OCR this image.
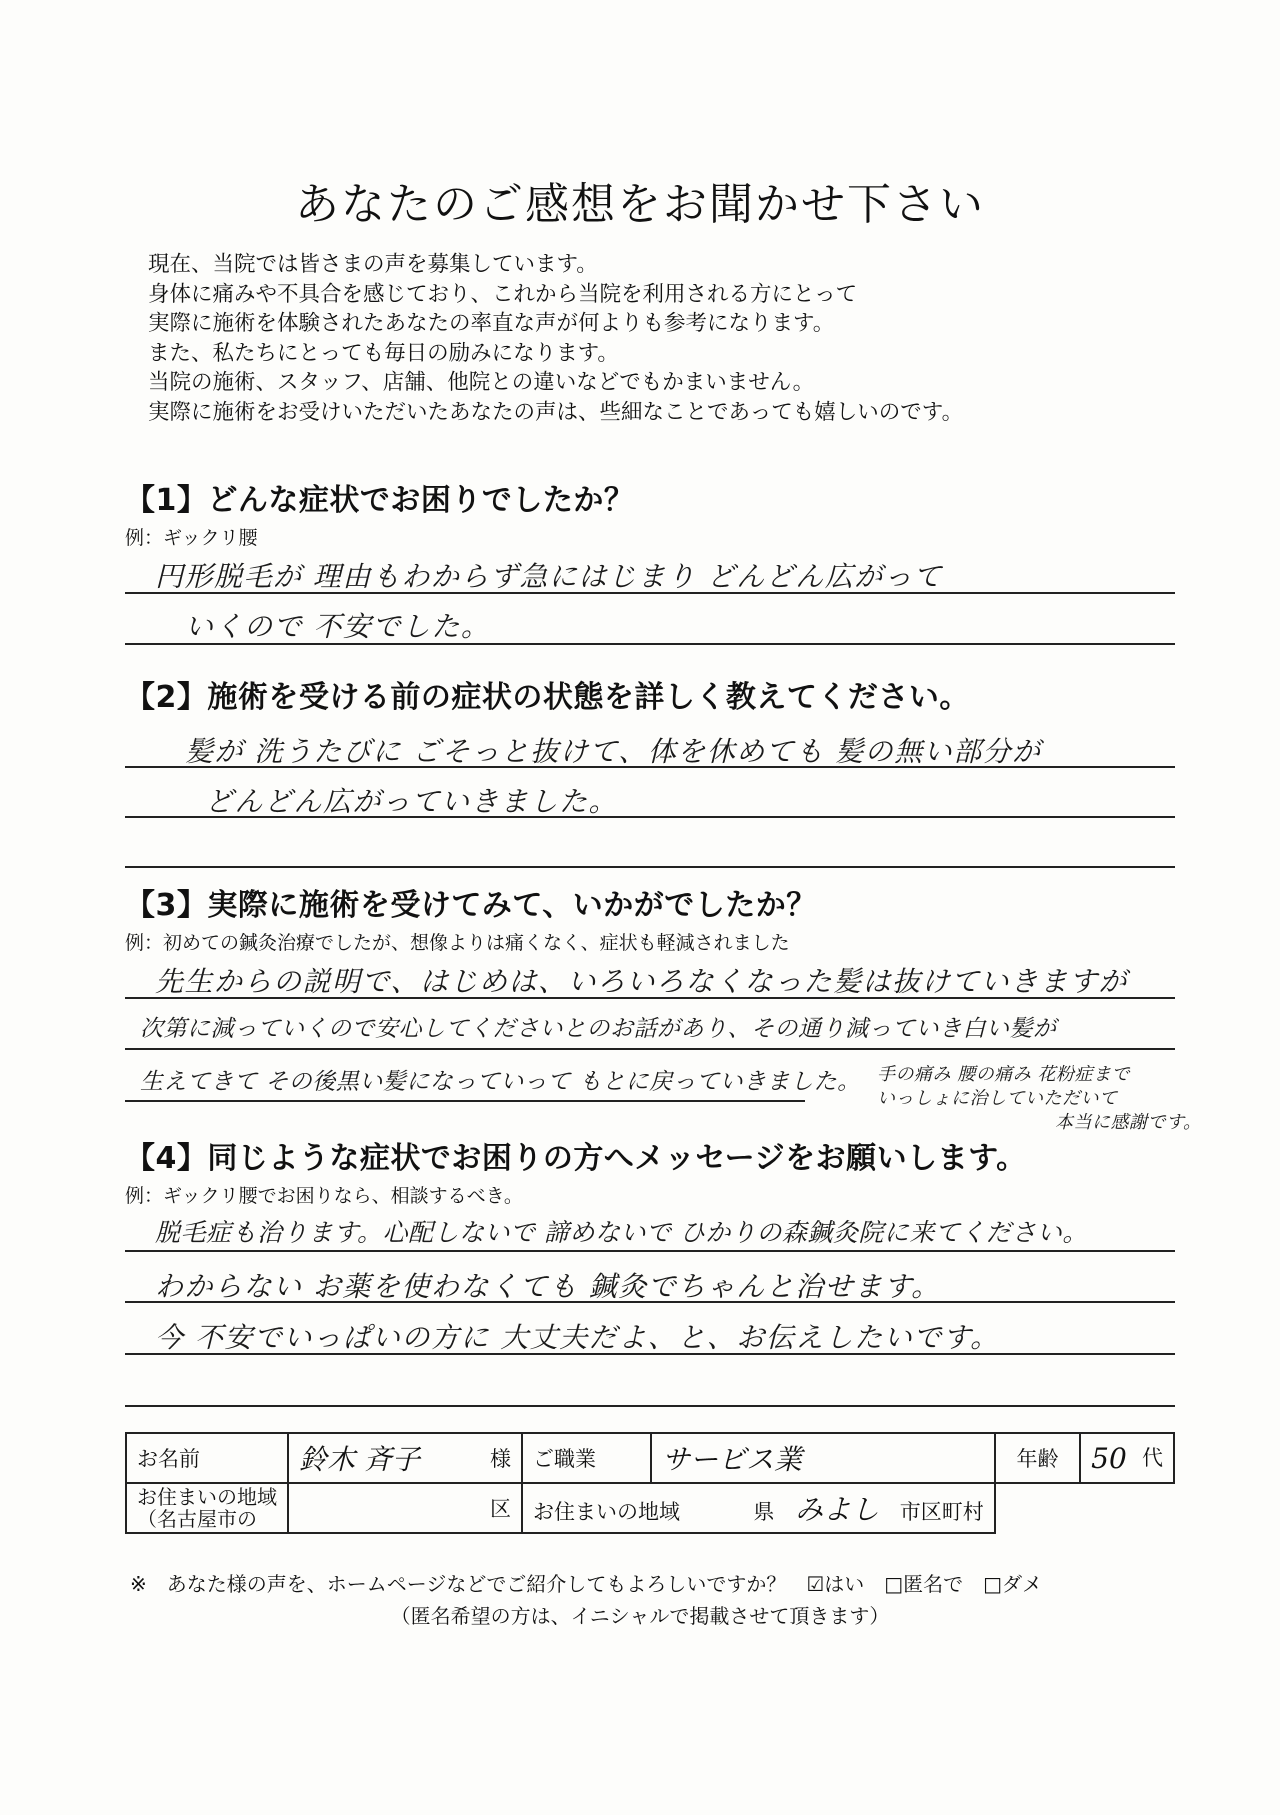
あなたのご感想をお聞かせ下さい
現在、当院では皆さまの声を募集しています。
身体に痛みや不具合を感じており、これから当院を利用される方にとって
実際に施術を体験されたあなたの率直な声が何よりも参考になります。
また、私たちにとっても毎日の励みになります。
当院の施術、スタッフ、店舗、他院との違いなどでもかまいません。
実際に施術をお受けいただいたあなたの声は、些細なことであっても嬉しいのです。
【1】どんな症状でお困りでしたか？
例：ギックリ腰
円形脱毛が 理由もわからず急にはじまり どんどん広がって
いくので 不安でした。
【2】施術を受ける前の症状の状態を詳しく教えてください。
髪が 洗うたびに ごそっと抜けて、体を休めても 髪の無い部分が
どんどん広がっていきました。
【3】実際に施術を受けてみて、いかがでしたか？
例：初めての鍼灸治療でしたが、想像よりは痛くなく、症状も軽減されました
先生からの説明で、はじめは、いろいろなくなった髪は抜けていきますが
次第に減っていくので安心してくださいとのお話があり、その通り減っていき白い髪が
生えてきて その後黒い髪になっていって もとに戻っていきました。 手の痛み 腰の痛み 花粉症まで
いっしょに治していただいて
本当に感謝です。
【4】同じような症状でお困りの方へメッセージをお願いします。
例：ギックリ腰でお困りなら、相談するべき。
脱毛症も治ります。心配しないで 諦めないで ひかりの森鍼灸院に来てください。
わからない お薬を使わなくても 鍼灸でちゃんと治せます。
今 不安でいっぱいの方に 大丈夫だよ、と、お伝えしたいです。
お名前	鈴木 斉子	様	ご職業	サービス業	年齢	50 代

お住まいの地域
（名古屋市の		区	お住まいの地域 県 みよし 市区町村			
※　あなた様の声を、ホームページなどでご紹介してもよろしいですか？　☑はい　□匿名で　□ダメ
（匿名希望の方は、イニシャルで掲載させて頂きます）
